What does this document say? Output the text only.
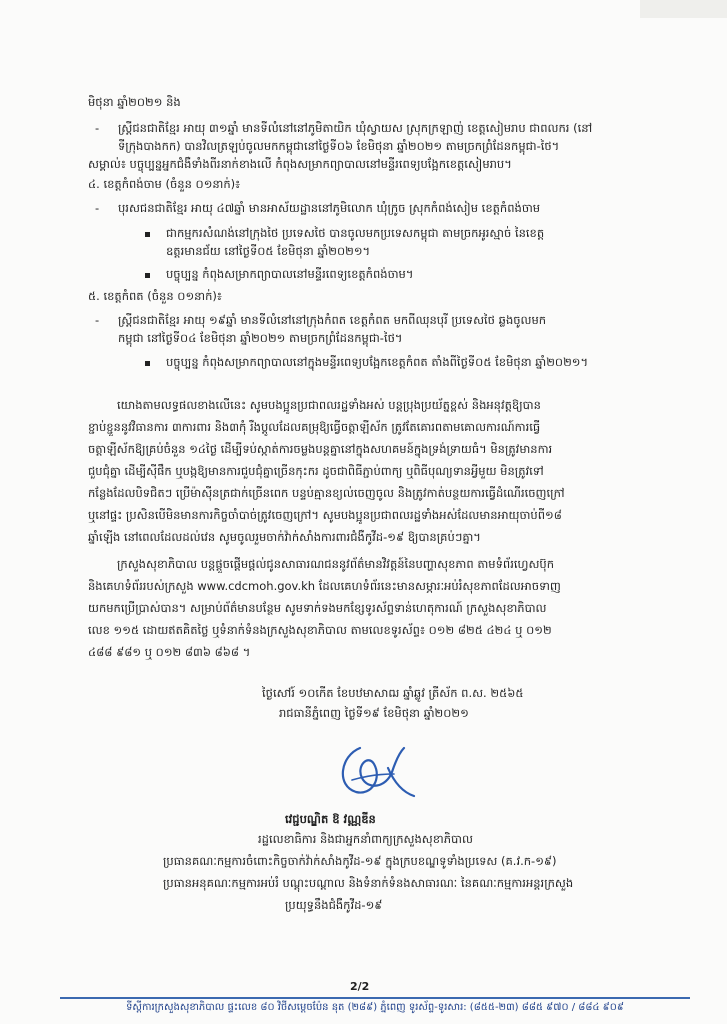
មិថុនា ឆ្នាំ២០២១ និង
- ស្ត្រីជនជាតិខ្មែរ អាយុ ៣១ឆ្នាំ មានទីលំនៅនៅភូមិតាយិក ឃុំស្វាយស ស្រុកក្រឡាញ់ ខេត្តសៀមរាប ជាពលករ (នៅ
ទីក្រុងបាងកក) បានវិលត្រឡប់ចូលមកកម្ពុជានៅថ្ងៃទី០៦ ខែមិថុនា ឆ្នាំ២០២១ តាមច្រកព្រំដែនកម្ពុជា-ថៃ។
សម្គាល់៖ បច្ចុប្បន្នអ្នកជំងឺទាំងពីរនាក់ខាងលើ កំពុងសម្រាកព្យាបាលនៅមន្ទីរពេទ្យបង្អែកខេត្តសៀមរាប។
៤. ខេត្តកំពង់ចាម (ចំនួន ០១នាក់)៖
- បុរសជនជាតិខ្មែរ អាយុ ៤៧ឆ្នាំ មានអាស័យដ្ឋាននៅភូមិលោក ឃុំក្រូច ស្រុកកំពង់សៀម ខេត្តកំពង់ចាម
ជាកម្មករសំណង់នៅក្រុងថៃ ប្រទេសថៃ បានចូលមកប្រទេសកម្ពុជា តាមច្រកអូរស្មាច់ នៃខេត្ត
ឧត្តរមានជ័យ នៅថ្ងៃទី០៥ ខែមិថុនា ឆ្នាំ២០២១។
បច្ចុប្បន្ន កំពុងសម្រាកព្យាបាលនៅមន្ទីរពេទ្យខេត្តកំពង់ចាម។
៥. ខេត្តកំពត (ចំនួន ០១នាក់)៖
- ស្ត្រីជនជាតិខ្មែរ អាយុ ១៩ឆ្នាំ មានទីលំនៅនៅក្រុងកំពត ខេត្តកំពត មកពីឈុនបុរី ប្រទេសថៃ ឆ្លងចូលមក
កម្ពុជា នៅថ្ងៃទី០៤ ខែមិថុនា ឆ្នាំ២០២១ តាមច្រកព្រំដែនកម្ពុជា-ថៃ។
បច្ចុប្បន្ន កំពុងសម្រាកព្យាបាលនៅក្នុងមន្ទីរពេទ្យបង្អែកខេត្តកំពត តាំងពីថ្ងៃទី០៥ ខែមិថុនា ឆ្នាំ២០២១។
យោងតាមលទ្ធផលខាងលើនេះ សូមបងប្អូនប្រជាពលរដ្ឋទាំងអស់ បន្តប្រុងប្រយ័ត្នខ្ពស់ និងអនុវត្តឱ្យបាន
ខ្ជាប់ខ្ជួននូវវិធានការ ៣ការពារ និង៣កុំ រឺងប្តូលដែលគម្រុឱ្យធ្វើចត្តាឡីស័ក ត្រូវតែគោរពតាមគោលការណ៍ការធ្វើ
ចត្តាឡីស័កឱ្យគ្រប់ចំនួន ១៤ថ្ងៃ ដើម្បីទប់ស្កាត់ការចម្លងបន្តគ្នានៅក្នុងសហគមន៍ក្នុងទ្រង់ទ្រាយធំ។ មិនត្រូវមានការ
ជួបជុំគ្នា ដើម្បីស៊ីផឹក ឬបង្កឱ្យមានការជួបជុំគ្នាច្រើនកុះករ ដូចជាពិធីភ្ជាប់ពាក្យ ឬពិធីបុណ្យទានអ្វីមួយ មិនត្រូវទៅ
កន្លែងដែលបិទជិតៗ ប្រើម៉ាស៊ីនត្រជាក់ច្រើនពេក បន្ទប់គ្មានខ្យល់ចេញចូល និងត្រូវកាត់បន្ថយការធ្វើដំណើរចេញក្រៅ
ឬនៅផ្ទះ ប្រសិនបើមិនមានការកិច្ចចាំបាច់ត្រូវចេញក្រៅ។ សូមបងប្អូនប្រជាពលរដ្ឋទាំងអស់ដែលមានអាយុចាប់ពី១៨
ឆ្នាំឡើង នៅពេលដែលដល់វេន សូមចូលរួមចាក់វ៉ាក់សាំងការពារជំងឺកូវីដ-១៩ ឱ្យបានគ្រប់ៗគ្នា។
ក្រសួងសុខាភិបាល បន្តផ្តួចផ្តើមផ្តល់ជូនសាធារណជននូវព័ត៌មានវិវត្តន៍នៃបញ្ហាសុខភាព តាមទំព័រហ្វេសប៊ុក
និងគេហទំព័ររបស់ក្រសួង www.cdcmoh.gov.kh ដែលគេហទំព័រនេះមានសម្ភារៈអប់រំសុខភាពដែលអាចទាញ
យកមកប្រើប្រាស់បាន។ សម្រាប់ព័ត៌មានបន្ថែម សូមទាក់ទងមកខ្សែទូរស័ព្ទទាន់ហេតុការណ៍ ក្រសួងសុខាភិបាល
លេខ ១១៥ ដោយឥតគិតថ្លៃ ឬទំនាក់ទំនងក្រសួងសុខាភិបាល តាមលេខទូរស័ព្ទ៖ ០១២ ៨២៥ ៤២៤ ឬ ០១២
៤៨៨ ៩៨១ ឬ ០១២ ៨៣៦ ៨៦៨ ។
ថ្ងៃសៅរ៍ ១០កើត ខែបឋមាសាឍ ឆ្នាំឆ្លូវ ត្រីស័ក ព.ស. ២៥៦៥
រាជធានីភ្នំពេញ ថ្ងៃទី១៩ ខែមិថុនា ឆ្នាំ២០២១
វេជ្ជបណ្ឌិត ឱ វណ្ណឌីន
រដ្ឋលេខាធិការ និងជាអ្នកនាំពាក្យក្រសួងសុខាភិបាល
ប្រធានគណៈកម្មការចំពោះកិច្ចចាក់វ៉ាក់សាំងកូវីដ-១៩ ក្នុងក្របខណ្ឌទូទាំងប្រទេស (គ.វ.ក-១៩)
ប្រធានអនុគណៈកម្មការអប់រំ បណ្តុះបណ្តាល និងទំនាក់ទំនងសាធារណៈ នៃគណៈកម្មការអន្តរក្រសួង
ប្រយុទ្ធនឹងជំងឺកូវីដ-១៩
2/2
ទីស្តីការក្រសួងសុខាភិបាល ផ្ទះលេខ ៨០ វិថីសម្តេចប៉ែន នុត (២៨៩) ភ្នំពេញ ទូរស័ព្ទ-ទូរសារ: (៨៥៥-២៣) ៨៨៥ ៩៧០ / ៨៨៤ ៩០៩
